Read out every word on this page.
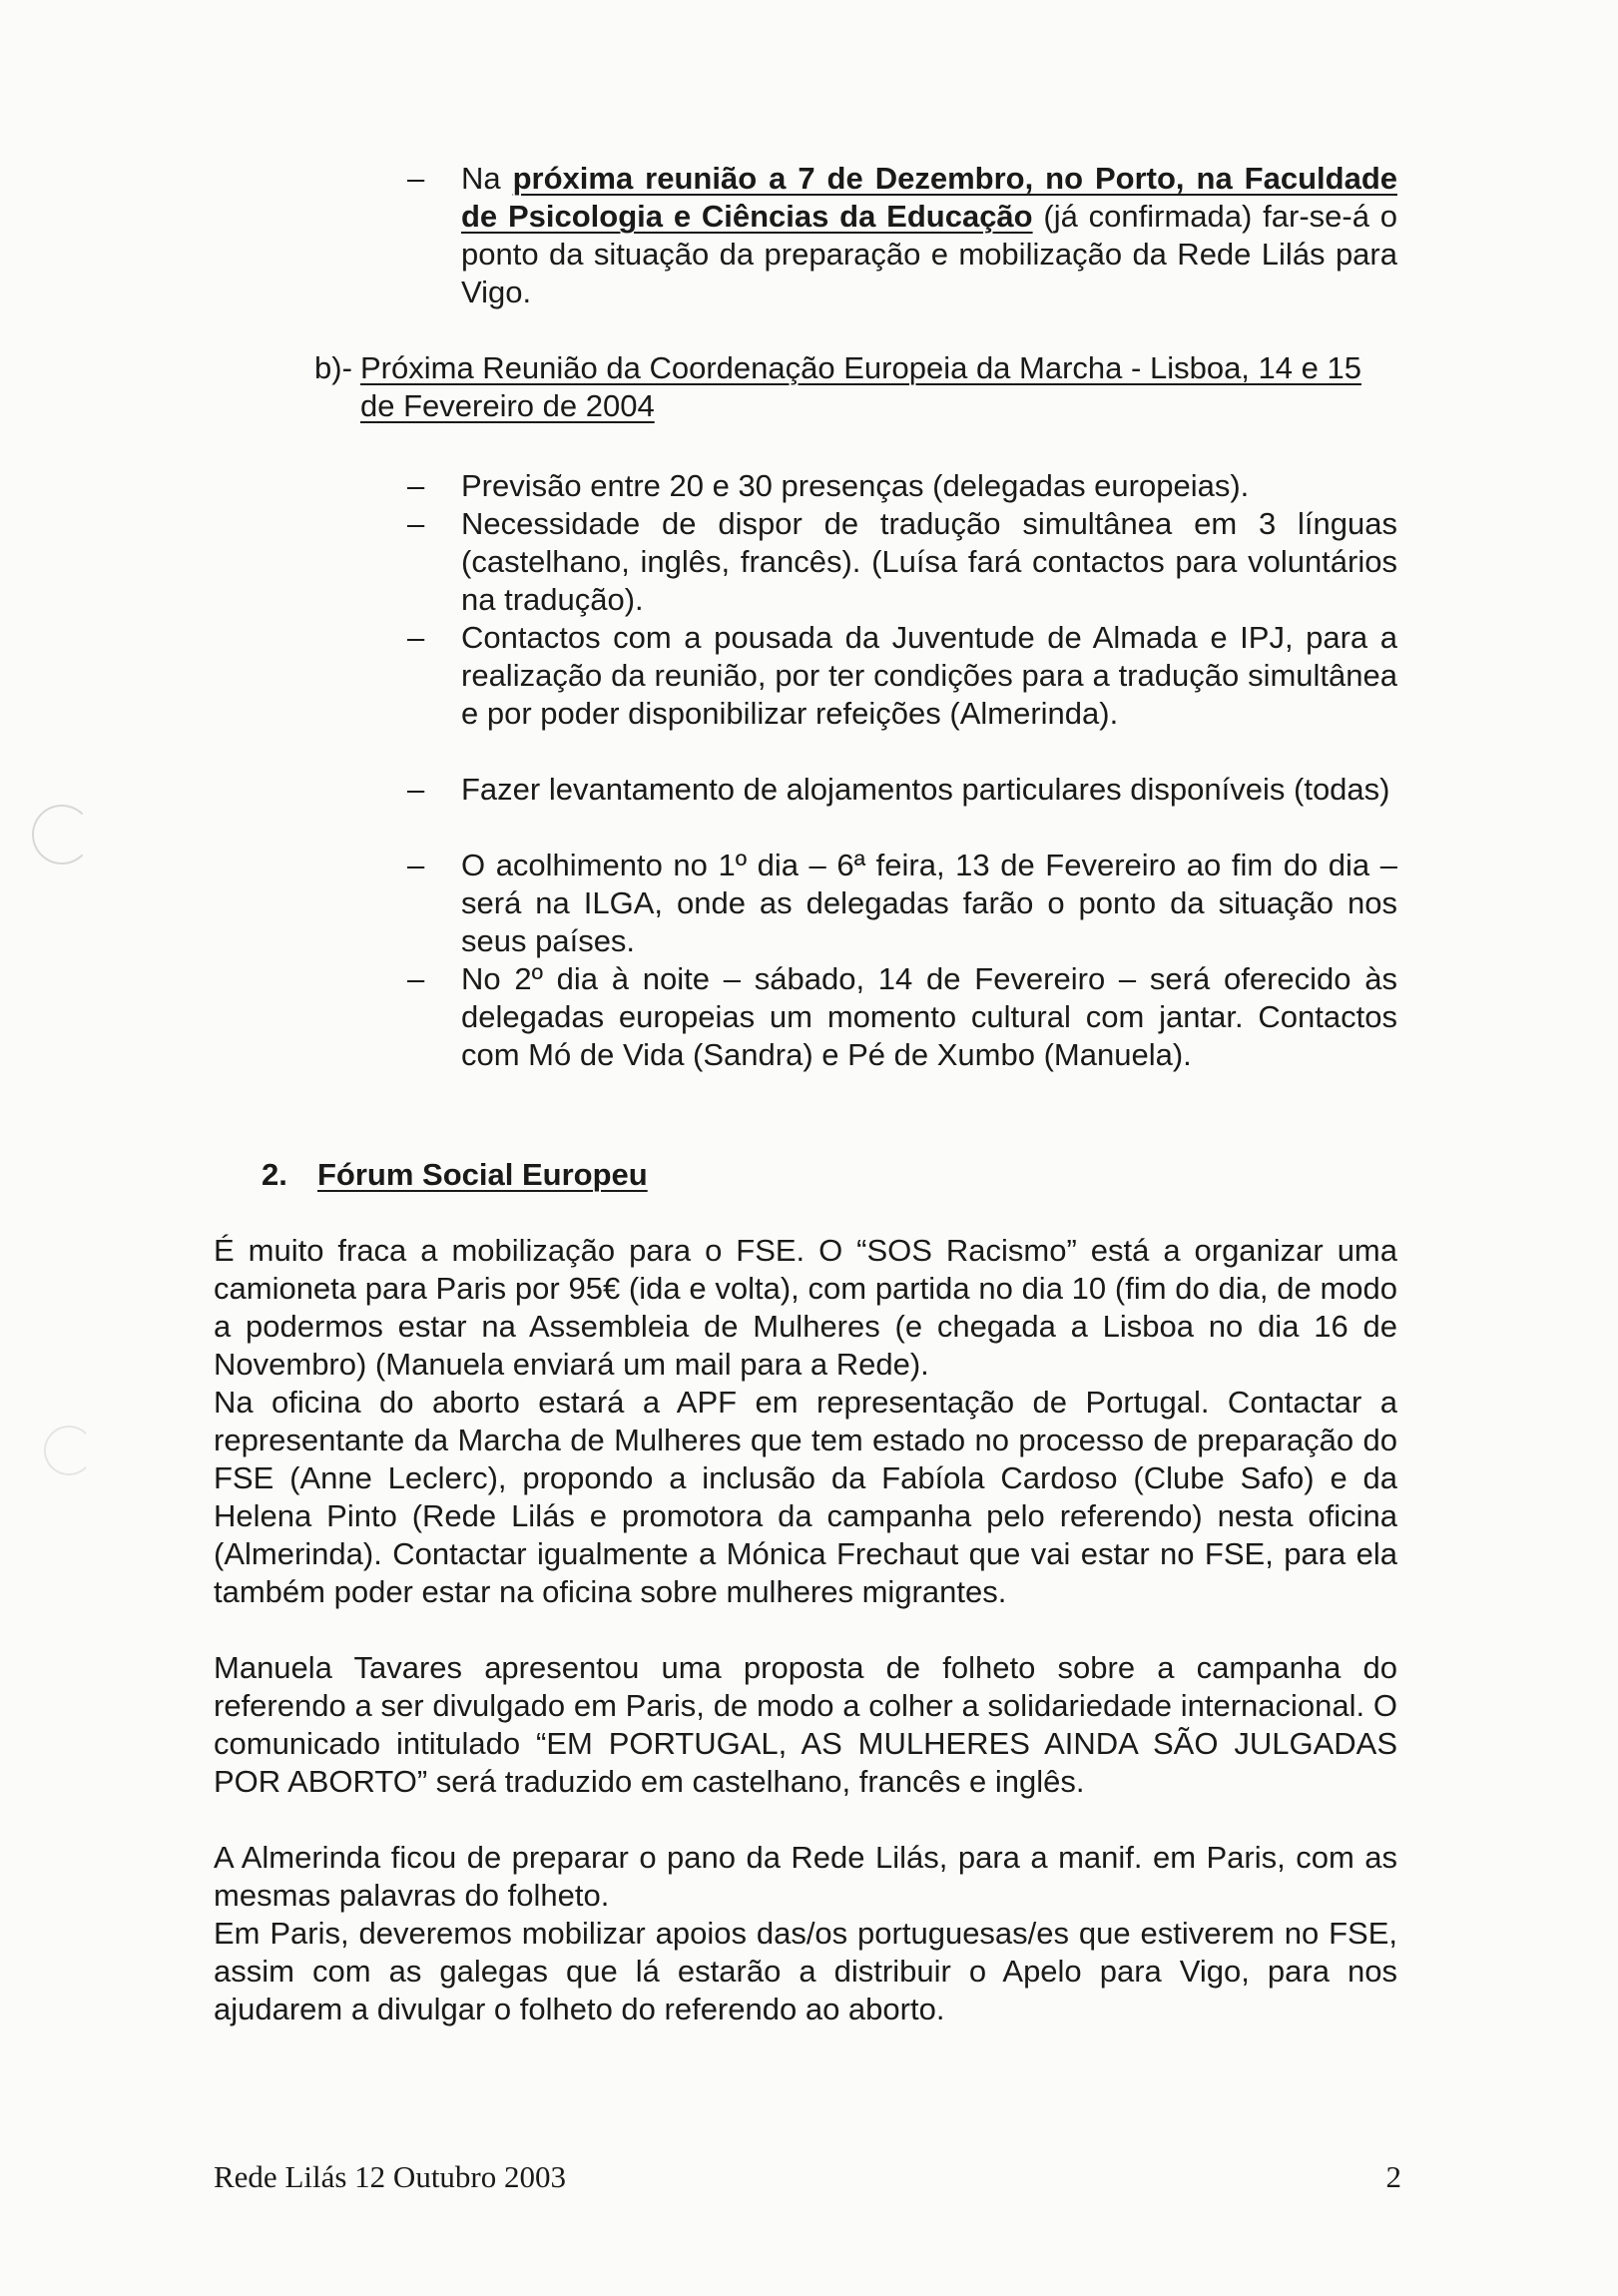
–	Na próxima reunião a 7 de Dezembro, no Porto, na Faculdade de Psicologia e Ciências da Educação (já confirmada) far-se-á o ponto da situação da preparação e mobilização da Rede Lilás para Vigo.
b)- Próxima Reunião da Coordenação Europeia da Marcha - Lisboa, 14 e 15 de Fevereiro de 2004
–	Previsão entre 20 e 30 presenças (delegadas europeias).
–	Necessidade de dispor de tradução simultânea em 3 línguas (castelhano, inglês, francês). (Luísa fará contactos para voluntários na tradução).
–	Contactos com a pousada da Juventude de Almada e IPJ, para a realização da reunião, por ter condições para a tradução simultânea e por poder disponibilizar refeições (Almerinda).
–	Fazer levantamento de alojamentos particulares disponíveis (todas)
–	O acolhimento no 1º dia – 6ª feira, 13 de Fevereiro ao fim do dia – será na ILGA, onde as delegadas farão o ponto da situação nos seus países.
–	No 2º dia à noite – sábado, 14 de Fevereiro – será oferecido às delegadas europeias um momento cultural com jantar. Contactos com Mó de Vida (Sandra) e Pé de Xumbo (Manuela).
2. Fórum Social Europeu

É muito fraca a mobilização para o FSE. O “SOS Racismo” está a organizar uma camioneta para Paris por 95€ (ida e volta), com partida no dia 10 (fim do dia, de modo a podermos estar na Assembleia de Mulheres (e chegada a Lisboa no dia 16 de Novembro) (Manuela enviará um mail para a Rede).

Na oficina do aborto estará a APF em representação de Portugal. Contactar a representante da Marcha de Mulheres que tem estado no processo de preparação do FSE (Anne Leclerc), propondo a inclusão da Fabíola Cardoso (Clube Safo) e da Helena Pinto (Rede Lilás e promotora da campanha pelo referendo) nesta oficina (Almerinda). Contactar igualmente a Mónica Frechaut que vai estar no FSE, para ela também poder estar na oficina sobre mulheres migrantes.

Manuela Tavares apresentou uma proposta de folheto sobre a campanha do referendo a ser divulgado em Paris, de modo a colher a solidariedade internacional. O comunicado intitulado “EM PORTUGAL, AS MULHERES AINDA SÃO JULGADAS POR ABORTO” será traduzido em castelhano, francês e inglês.

A Almerinda ficou de preparar o pano da Rede Lilás, para a manif. em Paris, com as mesmas palavras do folheto.

Em Paris, deveremos mobilizar apoios das/os portuguesas/es que estiverem no FSE, assim com as galegas que lá estarão a distribuir o Apelo para Vigo, para nos ajudarem a divulgar o folheto do referendo ao aborto.

Rede Lilás 12 Outubro 2003	2
